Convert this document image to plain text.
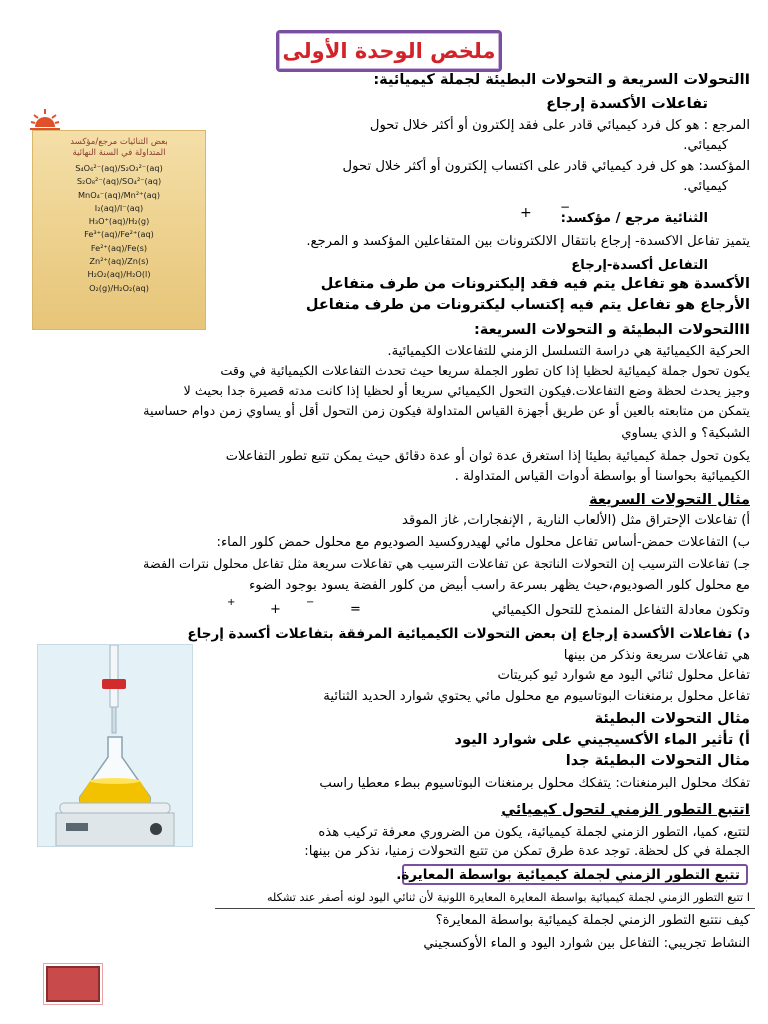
ملخص الوحدة الأولى
بعض الثنائيات مرجع/مؤكسد
المتداولة في السنة النهائية
S₄O₆²⁻(aq)/S₂O₃²⁻(aq)
S₂O₈²⁻(aq)/SO₄²⁻(aq)
MnO₄⁻(aq)/Mn²⁺(aq)
I₂(aq)/I⁻(aq)
H₃O⁺(aq)/H₂(g)
Fe³⁺(aq)/Fe²⁺(aq)
Fe²⁺(aq)/Fe(s)
Zn²⁺(aq)/Zn(s)
H₂O₂(aq)/H₂O(l)
O₂(g)/H₂O₂(aq)
Iالتحولات السريعة و التحولات البطيئة لجملة كيميائية:
تفاعلات الأكسدة إرجاع
المرجع : هو كل فرد كيميائي قادر على فقد إلكترون أو أكثر خلال تحول
كيميائي.
المؤكسد: هو كل فرد كيميائي قادر على اكتساب إلكترون أو أكثر خلال تحول
كيميائي.
الثنائية مرجع / مؤكسد:
−
+
يتميز تفاعل الاكسدة- إرجاع بانتقال الالكترونات بين المتفاعلين المؤكسد و المرجع.
التفاعل أكسدة-إرجاع
الأكسدة هو تفاعل يتم فيه فقد إليكترونات من طرف متفاعل
الأرجاع هو تفاعل يتم فيه إكتساب ليكترونات من طرف متفاعل
IIالتحولات البطيئة و التحولات السريعة:
الحركية الكيميائية هي دراسة التسلسل الزمني للتفاعلات الكيميائية.
يكون تحول جملة كيميائية لحظيا إذا كان تطور الجملة سريعا حيث تحدث التفاعلات الكيميائية في وقت
وجيز يحدث لحظة وضع التفاعلات.فيكون التحول الكيميائي سريعا أو لحظيا إذا كانت مدته قصيرة جدا بحيث لا
يتمكن من متابعته بالعين أو عن طريق أجهزة القياس المتداولة فيكون زمن التحول أقل أو يساوي زمن دوام حساسية
الشبكية؟ و الذي يساوي
يكون تحول جملة كيميائية بطيئا إذا استغرق عدة ثوان أو عدة دقائق حيث يمكن تتبع تطور التفاعلات
الكيميائية بحواسنا أو بواسطة أدوات القياس المتداولة .
مثال التحولات السريعة
أ) تفاعلات الإحتراق مثل (الألعاب النارية , الإنفجارات, غاز الموقد
ب) التفاعلات حمض-أساس تفاعل محلول مائي لهيدروكسيد الصوديوم مع محلول حمض كلور الماء:
جـ) تفاعلات الترسيب إن التحولات الناتجة عن تفاعلات الترسيب هي تفاعلات سريعة مثل تفاعل محلول نترات الفضة
مع محلول كلور الصوديوم،حيث يظهر بسرعة راسب أبيض من كلور الفضة يسود بوجود الضوء
وتكون معادلة التفاعل المنمذج للتحول الكيميائي
+	+	−	=
د) تفاعلات الأكسدة إرجاع إن بعض التحولات الكيميائية المرفقة بتفاعلات أكسدة إرجاع
هي تفاعلات سريعة ونذكر من بينها
تفاعل محلول ثنائي اليود مع شوارد ثيو كبريتات
تفاعل محلول برمنغنات البوتاسيوم مع محلول مائي يحتوي شوارد الحديد الثنائية
مثال التحولات البطيئة
أ) تأثير الماء الأكسيجيني على شوارد اليود
مثال التحولات البطيئة جدا
تفكك محلول البرمنغنات: يتفكك محلول برمنغنات البوتاسيوم ببطء معطيا راسب
Iتتبع التطور الزمني لتحول كيميائي
لتتبع، كميا، التطور الزمني لجملة كيميائية، يكون من الضروري معرفة تركيب هذه
الجملة في كل لحظة. توجد عدة طرق تمكن من تتبع التحولات زمنيا، نذكر من بينها:
تتبع التطور الزمني لجملة كيميائية بواسطة المعايرة.
I تتبع التطور الزمني لجملة كيميائية بواسطة المعايرة المعايرة اللونية لأن ثنائي اليود لونه أصفر عند تشكله
كيف نتتبع التطور الزمني لجملة كيميائية بواسطة المعايرة؟
النشاط تجريبي: التفاعل بين شوارد اليود و الماء الأوكسجيني
